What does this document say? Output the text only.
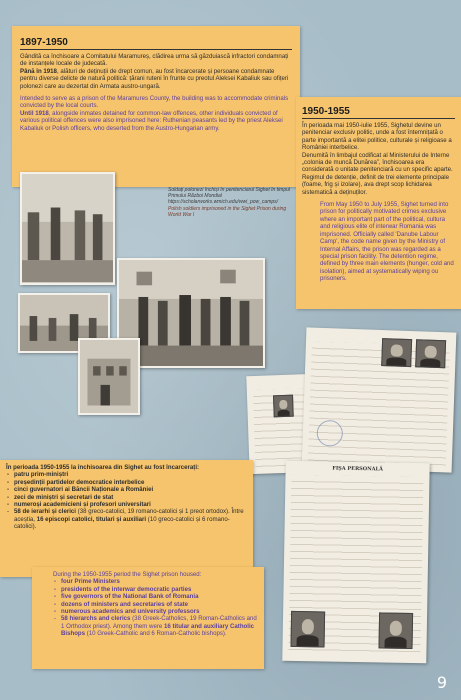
1897-1950

Gândită ca închisoare a Comitatului Maramureș, clădirea urma să găzduiască infractori condamnați de instanțele locale de judecată.

Până în 1918, alături de deținuții de drept comun, au fost încarcerate și persoane condamnate pentru diverse delicte de natură politică: țărani ruteni în frunte cu preotul Aleksei Kabaliuk sau ofițeri polonezi care au dezertat din Armata austro-ungară.

Intended to serve as a prison of the Maramures County, the building was to accommodate criminals convicted by the local courts.

Until 1918, alongside inmates detained for common-law offences, other individuals convicted of various political offences were also imprisoned here: Ruthenian peasants led by the priest Aleksei Kabaliuk or Polish officers, who deserted from the Austro-Hungarian army.

1950-1955

În perioada mai 1950-iulie 1955, Sighetul devine un penitenciar exclusiv politic, unde a fost întemnițată o parte importantă a elitei politice, culturale și religioase a României interbelice.

Denumită în limbajul codificat al Ministerului de Interne „colonia de muncă Dunărea”, închisoarea era considerată o unitate penitenciară cu un specific aparte. Regimul de detenție, definit de trei elemente principale (foame, frig și izolare), ava drept scop lichidarea sistematică a deținuților.

From May 1950 to July 1955, Sighet turned into prison for politically motivated crimes exclusive where an important part of the political, cultura and religious elite of interwar Romania was imprisoned. Officially called 'Danube Labour Camp', the code name given by the Ministry of Internal Affairs, the prison was regarded as a special prison facility. The detention regime, defined by three main elements (hunger, cold and isolation), aimed at systematically wiping ou prisoners.

Soldați polonezi închiși în penitenciarul Sighet în timpul Primului Război Mondial
https://scholarworks.wmich.edu/wwi_pow_camps/
Polish soldiers imprisoned in the Sighet Prison during World War I
FIȘA PERSONALĂ

În perioada 1950-1955 la închisoarea din Sighet au fost încarcerați:

- patru prim-miniștri
- președinții partidelor democratice interbelice
- cinci guvernatori ai Băncii Naționale a României
- zeci de miniștri și secretari de stat
- numeroși academicieni și profesori universitari
- 58 de ierarhi și clerici (38 greco-catolici, 19 romano-catolici și 1 preot ortodox). Între aceștia, 16 episcopi catolici, titulari și auxiliari (10 greco-catolici și 6 romano-catolici).

During the 1950-1955 period the Sighet prison housed:

- four Prime Ministers
- presidents of the interwar democratic parties
- five governors of the National Bank of Romania
- dozens of ministers and secretaries of state
- numerous academics and university professors
- 58 hierarchs and clerics (38 Greek-Catholics, 19 Roman-Catholics and 1 Orthodox priest). Among them were 16 titular and auxiliary Catholic Bishops (10 Greek-Catholic and 6 Roman-Catholic bishops).
9
